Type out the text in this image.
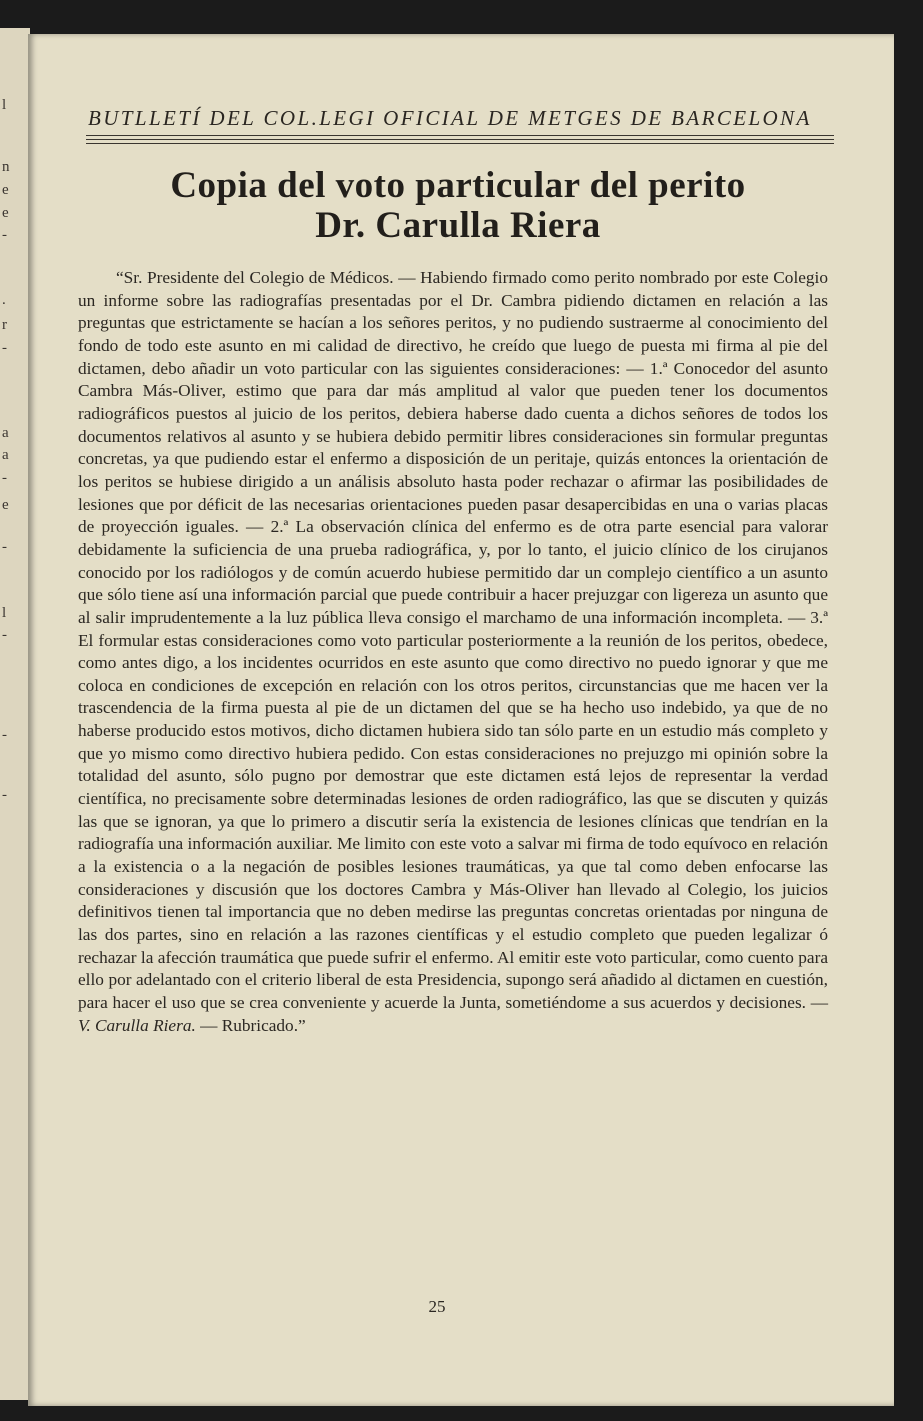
l
n
e
e
-
.
r
-
a
a
-
e
-
l
-
-
-
BUTLLETÍ DEL COL.LEGI OFICIAL DE METGES DE BARCELONA
Copia del voto particular del perito
Dr. Carulla Riera

“Sr. Presidente del Colegio de Médicos. — Habiendo firmado como perito nombrado por este Colegio un informe sobre las radiografías presentadas por el Dr. Cambra pidiendo dictamen en relación a las preguntas que estrictamente se hacían a los señores peritos, y no pudiendo sustraerme al conocimiento del fondo de todo este asunto en mi calidad de directivo, he creído que luego de puesta mi firma al pie del dictamen, debo añadir un voto particular con las siguientes consideraciones: — 1.ª Conocedor del asunto Cambra Más-Oliver, estimo que para dar más amplitud al valor que pueden tener los documentos radiográficos puestos al juicio de los peritos, debiera haberse dado cuenta a dichos señores de todos los documentos relativos al asunto y se hubiera debido permitir libres consideraciones sin formular preguntas concretas, ya que pudiendo estar el enfermo a disposición de un peritaje, quizás entonces la orientación de los peritos se hubiese dirigido a un análisis absoluto hasta poder rechazar o afirmar las posibilidades de lesiones que por déficit de las necesarias orientaciones pueden pasar desapercibidas en una o varias placas de proyección iguales. — 2.ª La observación clínica del enfermo es de otra parte esencial para valorar debidamente la suficiencia de una prueba radiográfica, y, por lo tanto, el juicio clínico de los cirujanos conocido por los radiólogos y de común acuerdo hubiese permitido dar un complejo científico a un asunto que sólo tiene así una información parcial que puede contribuir a hacer prejuzgar con ligereza un asunto que al salir imprudentemente a la luz pública lleva consigo el marchamo de una información incompleta. — 3.ª El formular estas consideraciones como voto particular posteriormente a la reunión de los peritos, obedece, como antes digo, a los incidentes ocurridos en este asunto que como directivo no puedo ignorar y que me coloca en condiciones de excepción en relación con los otros peritos, circunstancias que me hacen ver la trascendencia de la firma puesta al pie de un dictamen del que se ha hecho uso indebido, ya que de no haberse producido estos motivos, dicho dictamen hubiera sido tan sólo parte en un estudio más completo y que yo mismo como directivo hubiera pedido. Con estas consideraciones no prejuzgo mi opinión sobre la totalidad del asunto, sólo pugno por demostrar que este dictamen está lejos de representar la verdad científica, no precisamente sobre determinadas lesiones de orden radiográfico, las que se discuten y quizás las que se ignoran, ya que lo primero a discutir sería la existencia de lesiones clínicas que tendrían en la radiografía una información auxiliar. Me limito con este voto a salvar mi firma de todo equívoco en relación a la existencia o a la negación de posibles lesiones traumáticas, ya que tal como deben enfocarse las consideraciones y discusión que los doctores Cambra y Más-Oliver han llevado al Colegio, los juicios definitivos tienen tal importancia que no deben medirse las preguntas concretas orientadas por ninguna de las dos partes, sino en relación a las razones científicas y el estudio completo que pueden legalizar ó rechazar la afección traumática que puede sufrir el enfermo. Al emitir este voto particular, como cuento para ello por adelantado con el criterio liberal de esta Presidencia, supongo será añadido al dictamen en cuestión, para hacer el uso que se crea conveniente y acuerde la Junta, sometiéndome a sus acuerdos y decisiones. — V. Carulla Riera. — Rubricado.”

25
